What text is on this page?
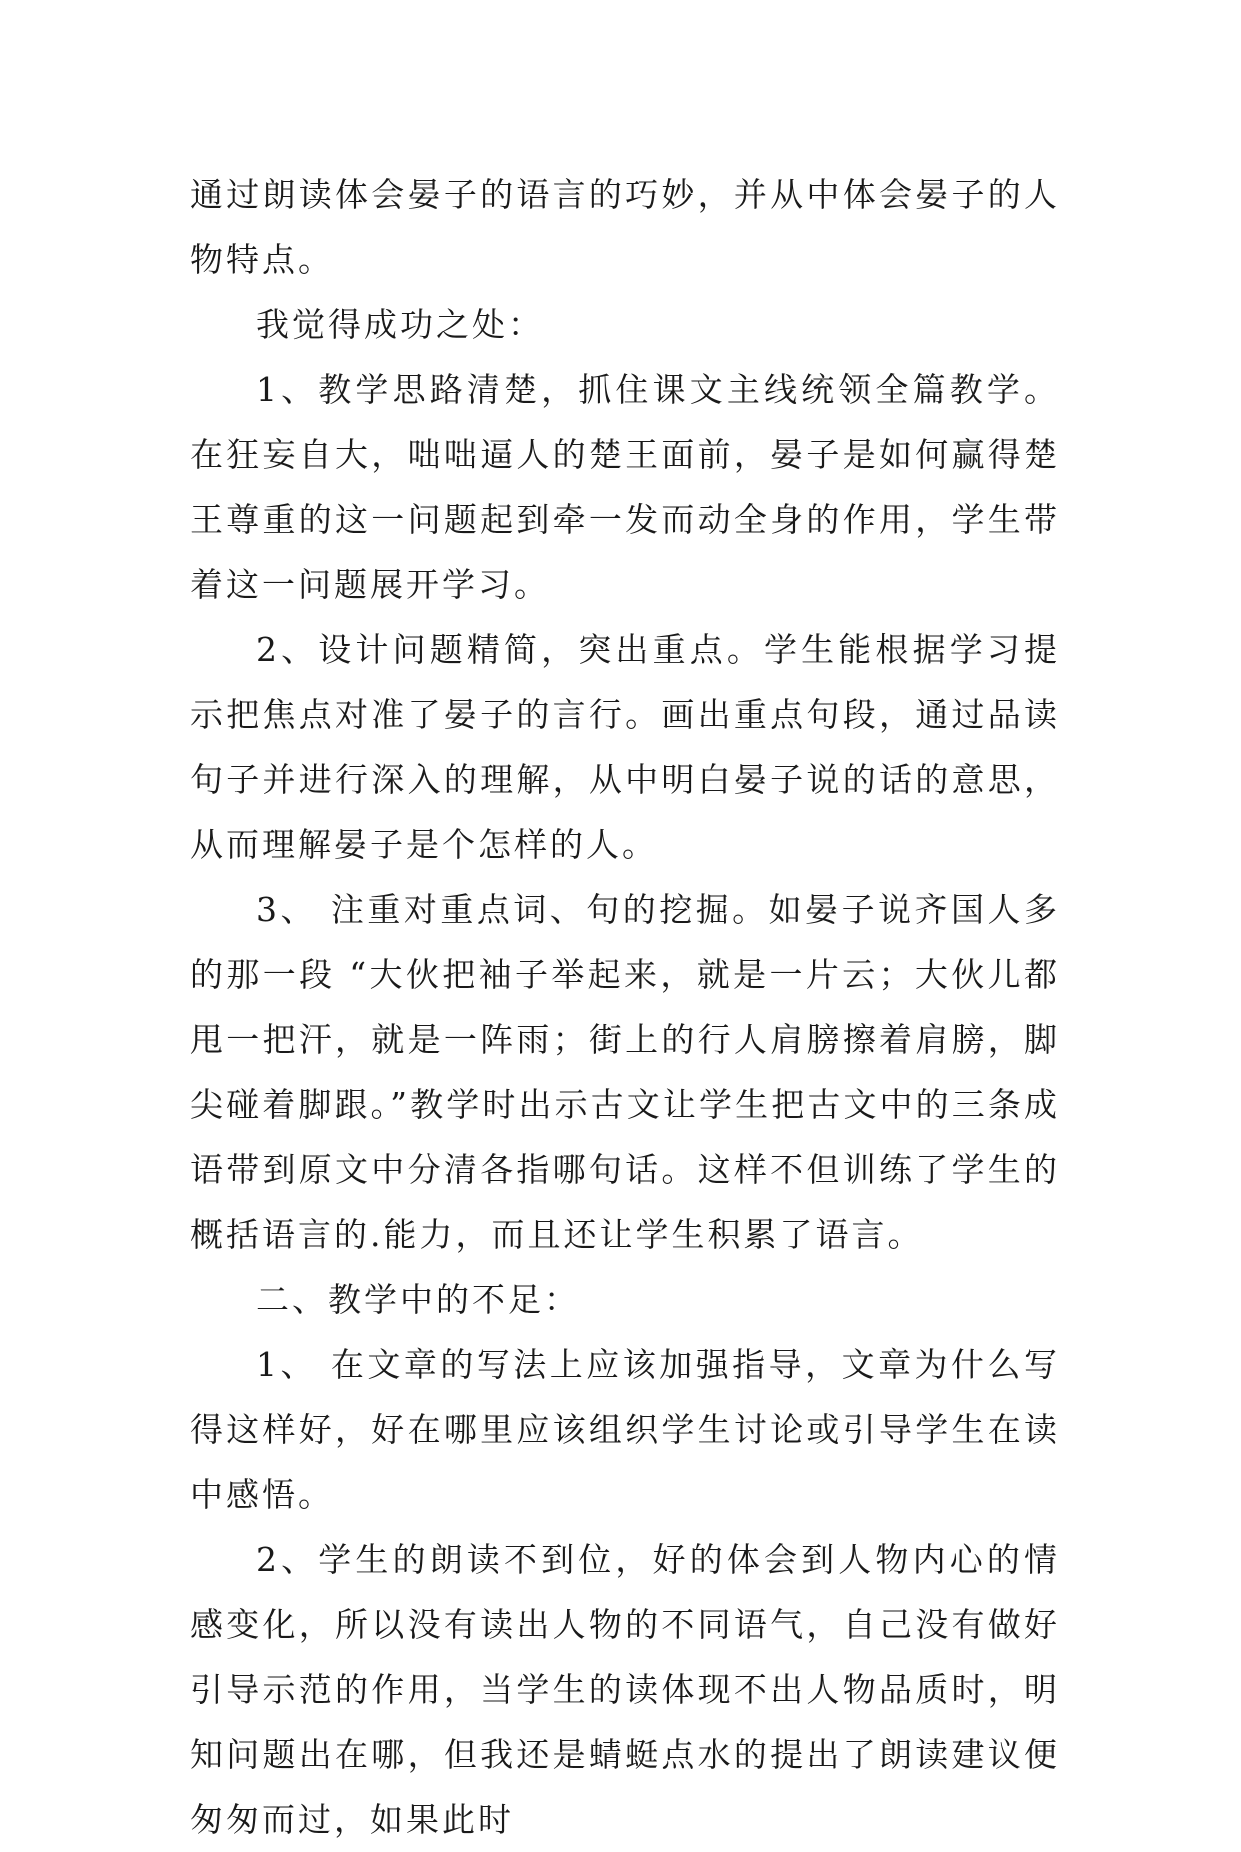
通过朗读体会晏子的语言的巧妙，并从中体会晏子的人物特点。

我觉得成功之处：

1、教学思路清楚，抓住课文主线统领全篇教学。在狂妄自大，咄咄逼人的楚王面前，晏子是如何赢得楚王尊重的这一问题起到牵一发而动全身的作用，学生带着这一问题展开学习。

2、设计问题精简，突出重点。学生能根据学习提示把焦点对准了晏子的言行。画出重点句段，通过品读句子并进行深入的理解，从中明白晏子说的话的意思，从而理解晏子是个怎样的人。

3、 注重对重点词、句的挖掘。如晏子说齐国人多的那一段 “大伙把袖子举起来，就是一片云；大伙儿都甩一把汗，就是一阵雨；街上的行人肩膀擦着肩膀，脚尖碰着脚跟。”教学时出示古文让学生把古文中的三条成语带到原文中分清各指哪句话。这样不但训练了学生的概括语言的.能力，而且还让学生积累了语言。

二、教学中的不足：

1、 在文章的写法上应该加强指导，文章为什么写得这样好，好在哪里应该组织学生讨论或引导学生在读中感悟。

2、学生的朗读不到位，好的体会到人物内心的情感变化，所以没有读出人物的不同语气，自己没有做好引导示范的作用，当学生的读体现不出人物品质时，明知问题出在哪，但我还是蜻蜓点水的提出了朗读建议便匆匆而过，如果此时
